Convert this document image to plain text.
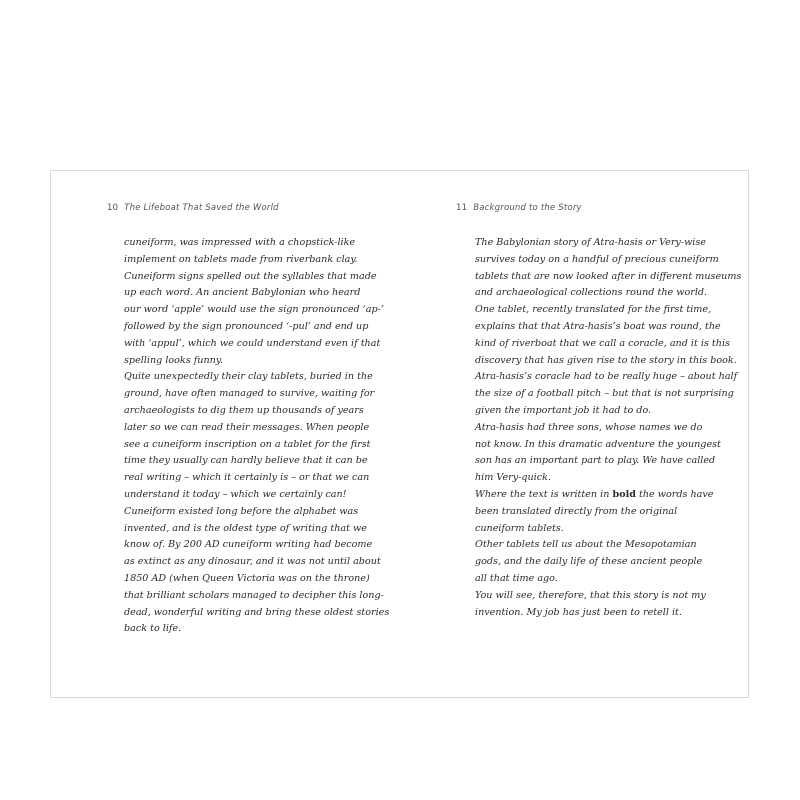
10 The Lifeboat That Saved the World
cuneiform, was impressed with a chopstick-like
implement on tablets made from riverbank clay.
Cuneiform signs spelled out the syllables that made
up each word. An ancient Babylonian who heard
our word ‘apple’ would use the sign pronounced ‘ap-’
followed by the sign pronounced ‘-pul’ and end up
with ‘appul’, which we could understand even if that
spelling looks funny.
Quite unexpectedly their clay tablets, buried in the
ground, have often managed to survive, waiting for
archaeologists to dig them up thousands of years
later so we can read their messages. When people
see a cuneiform inscription on a tablet for the first
time they usually can hardly believe that it can be
real writing – which it certainly is – or that we can
understand it today – which we certainly can!
Cuneiform existed long before the alphabet was
invented, and is the oldest type of writing that we
know of. By 200 AD cuneiform writing had become
as extinct as any dinosaur, and it was not until about
1850 AD (when Queen Victoria was on the throne)
that brilliant scholars managed to decipher this long-
dead, wonderful writing and bring these oldest stories
back to life.
11 Background to the Story
The Babylonian story of Atra-hasis or Very-wise
survives today on a handful of precious cuneiform
tablets that are now looked after in different museums
and archaeological collections round the world.
One tablet, recently translated for the first time,
explains that that Atra-hasis’s boat was round, the
kind of riverboat that we call a coracle, and it is this
discovery that has given rise to the story in this book.
Atra-hasis’s coracle had to be really huge – about half
the size of a football pitch – but that is not surprising
given the important job it had to do.
Atra-hasis had three sons, whose names we do
not know. In this dramatic adventure the youngest
son has an important part to play. We have called
him Very-quick.
Where the text is written in bold the words have
been translated directly from the original
cuneiform tablets.
Other tablets tell us about the Mesopotamian
gods, and the daily life of these ancient people
all that time ago.
You will see, therefore, that this story is not my
invention. My job has just been to retell it.
